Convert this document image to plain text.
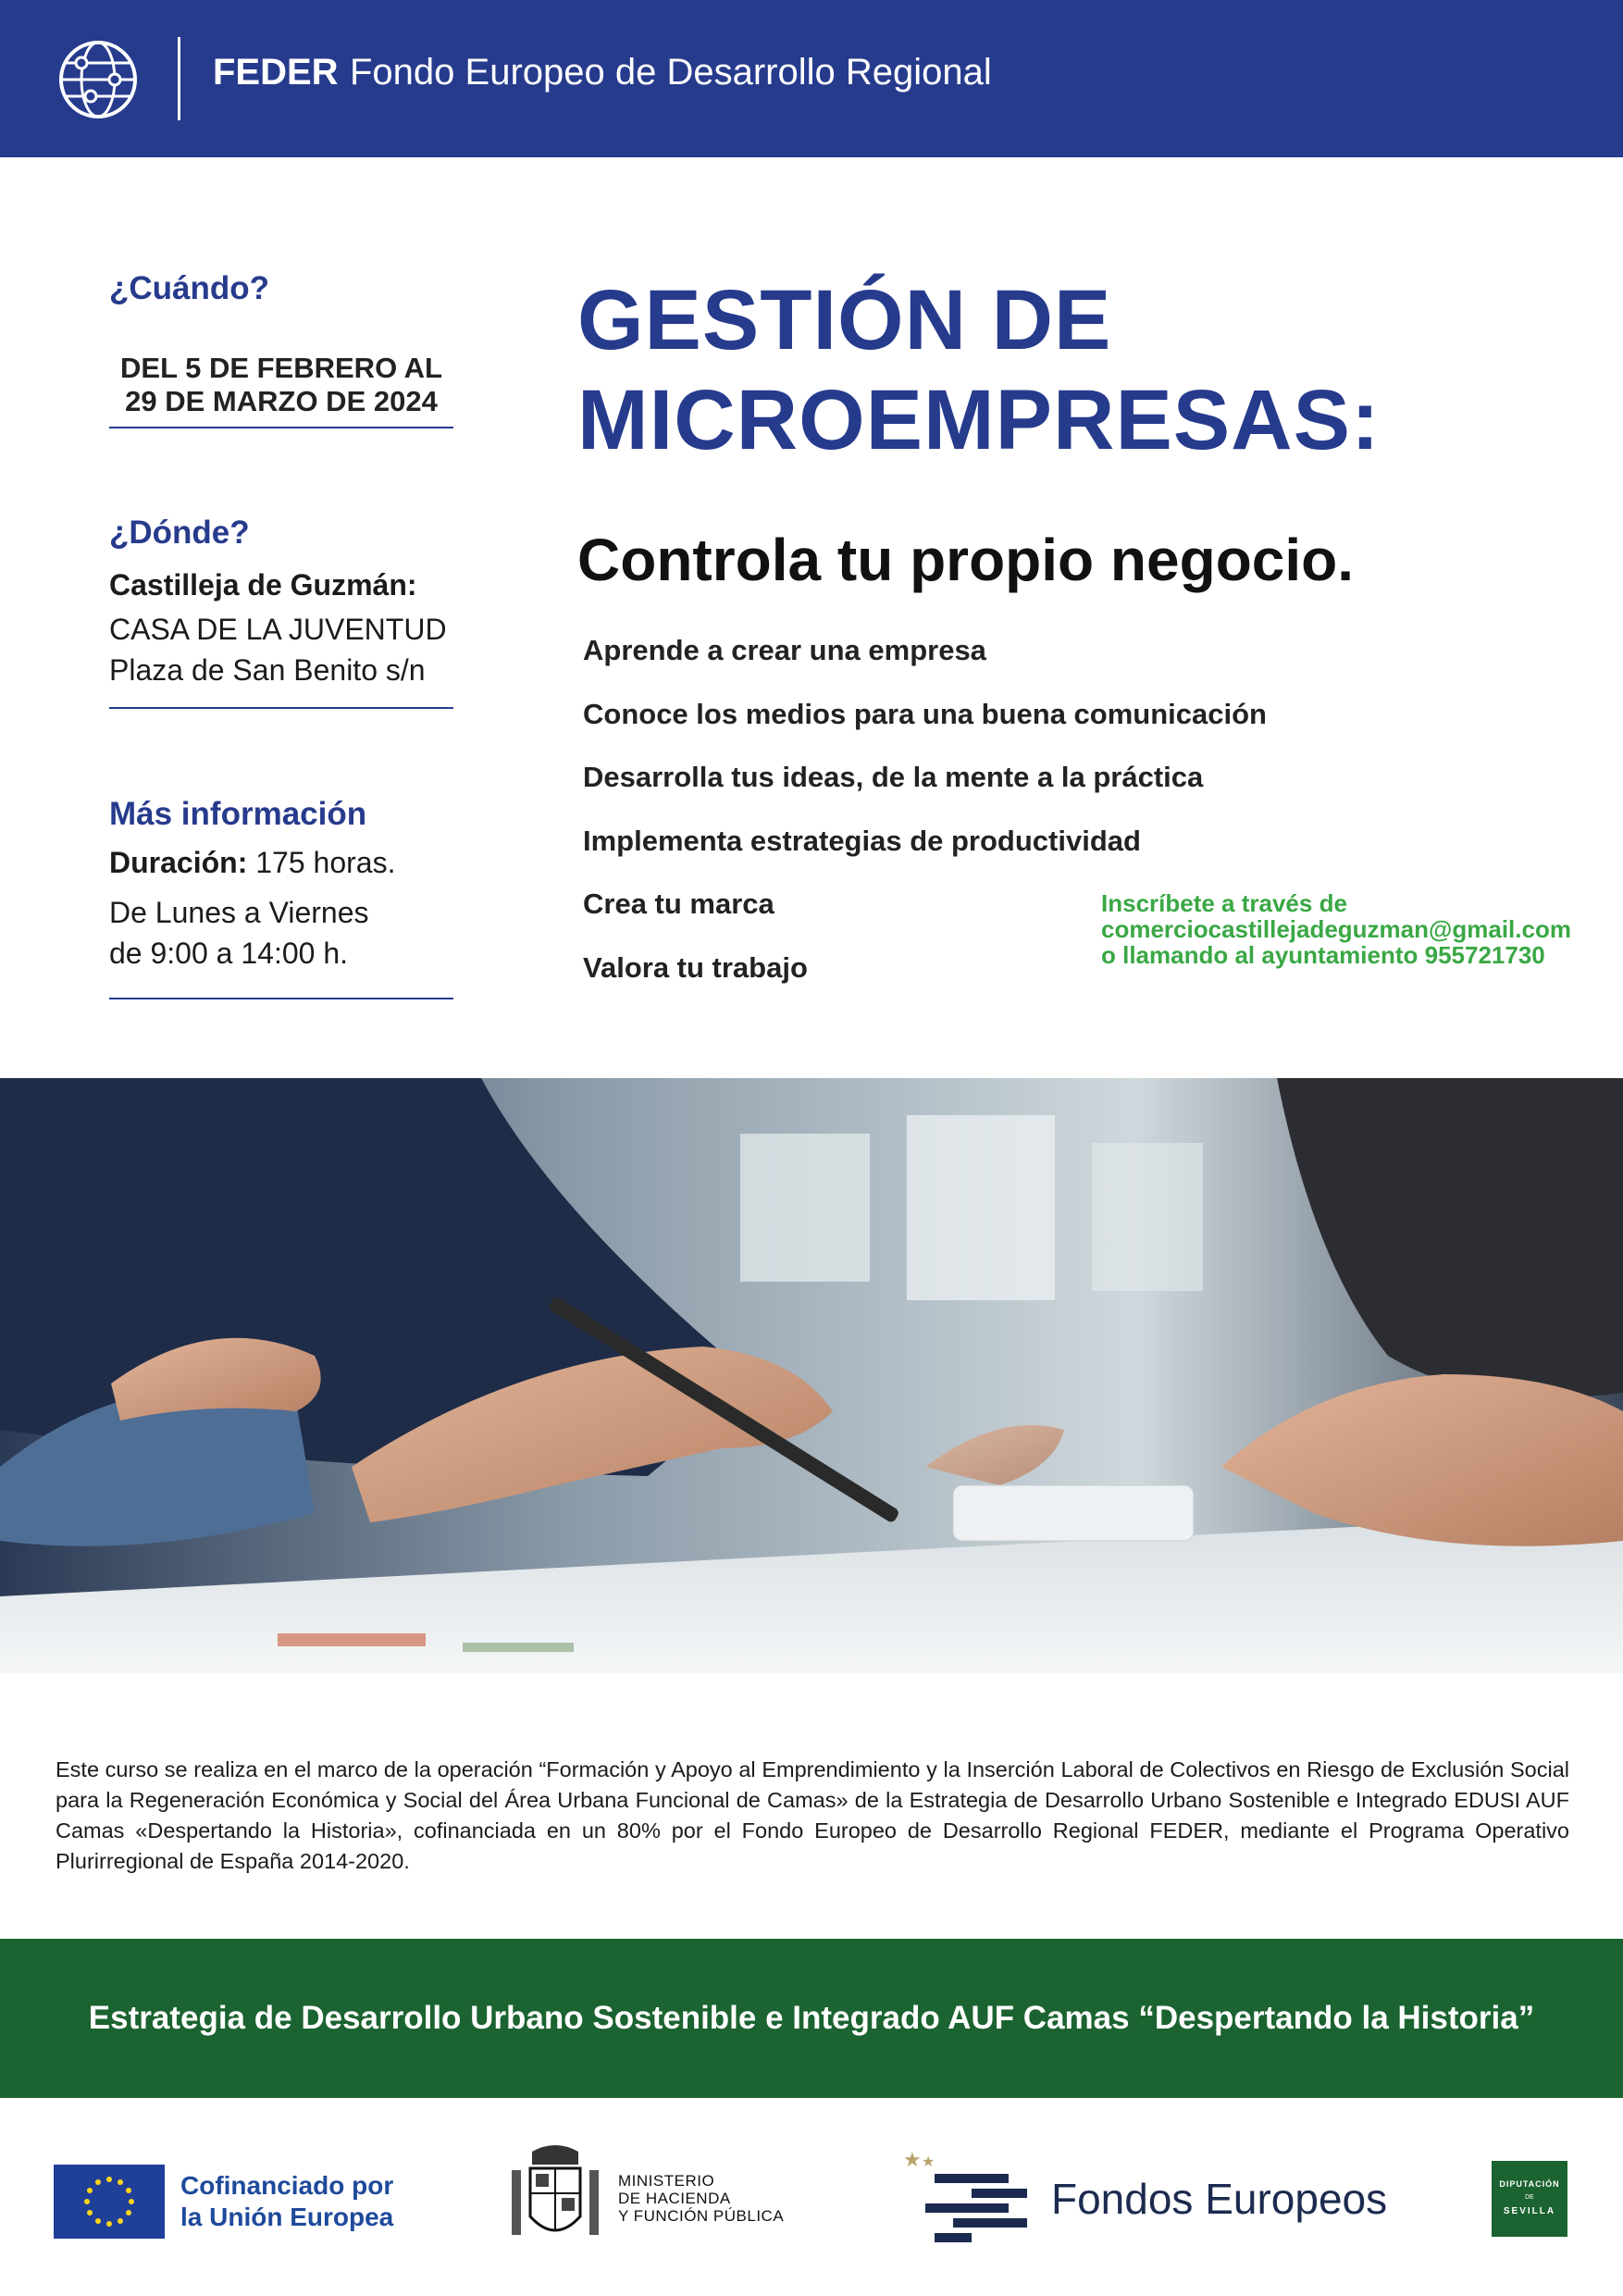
FEDER Fondo Europeo de Desarrollo Regional
¿Cuándo?
DEL 5 DE FEBRERO AL
29 DE MARZO DE 2024
¿Dónde?
Castilleja de Guzmán:
CASA DE LA JUVENTUD
Plaza de San Benito s/n
Más información
Duración: 175 horas.
De Lunes a Viernes
de 9:00 a 14:00 h.
GESTIÓN DE
MICROEMPRESAS:
Controla tu propio negocio.
Aprende a crear una empresa
Conoce los medios para una buena comunicación
Desarrolla tus ideas, de la mente a la práctica
Implementa estrategias de productividad
Crea tu marca
Valora tu trabajo
Inscríbete a través de
comerciocastillejadeguzman@gmail.com
o llamando al ayuntamiento 955721730
Este curso se realiza en el marco de la operación “Formación y Apoyo al Emprendimiento y la Inserción Laboral de Colectivos en Riesgo de Exclusión Social para la Regeneración Económica y Social del Área Urbana Funcional de Camas» de la Estrategia de Desarrollo Urbano Sostenible e Integrado EDUSI AUF Camas «Despertando la Historia», cofinanciada en un 80% por el Fondo Europeo de Desarrollo Regional FEDER, mediante el Programa Operativo Plurirregional de España 2014-2020.
Estrategia de Desarrollo Urbano Sostenible e Integrado AUF Camas “Despertando la Historia”
Cofinanciado por
la Unión Europea
MINISTERIO
DE HACIENDA
Y FUNCIÓN PÚBLICA
★ ★
Fondos Europeos	DIPUTACIÓN
DE
SEVILLA
